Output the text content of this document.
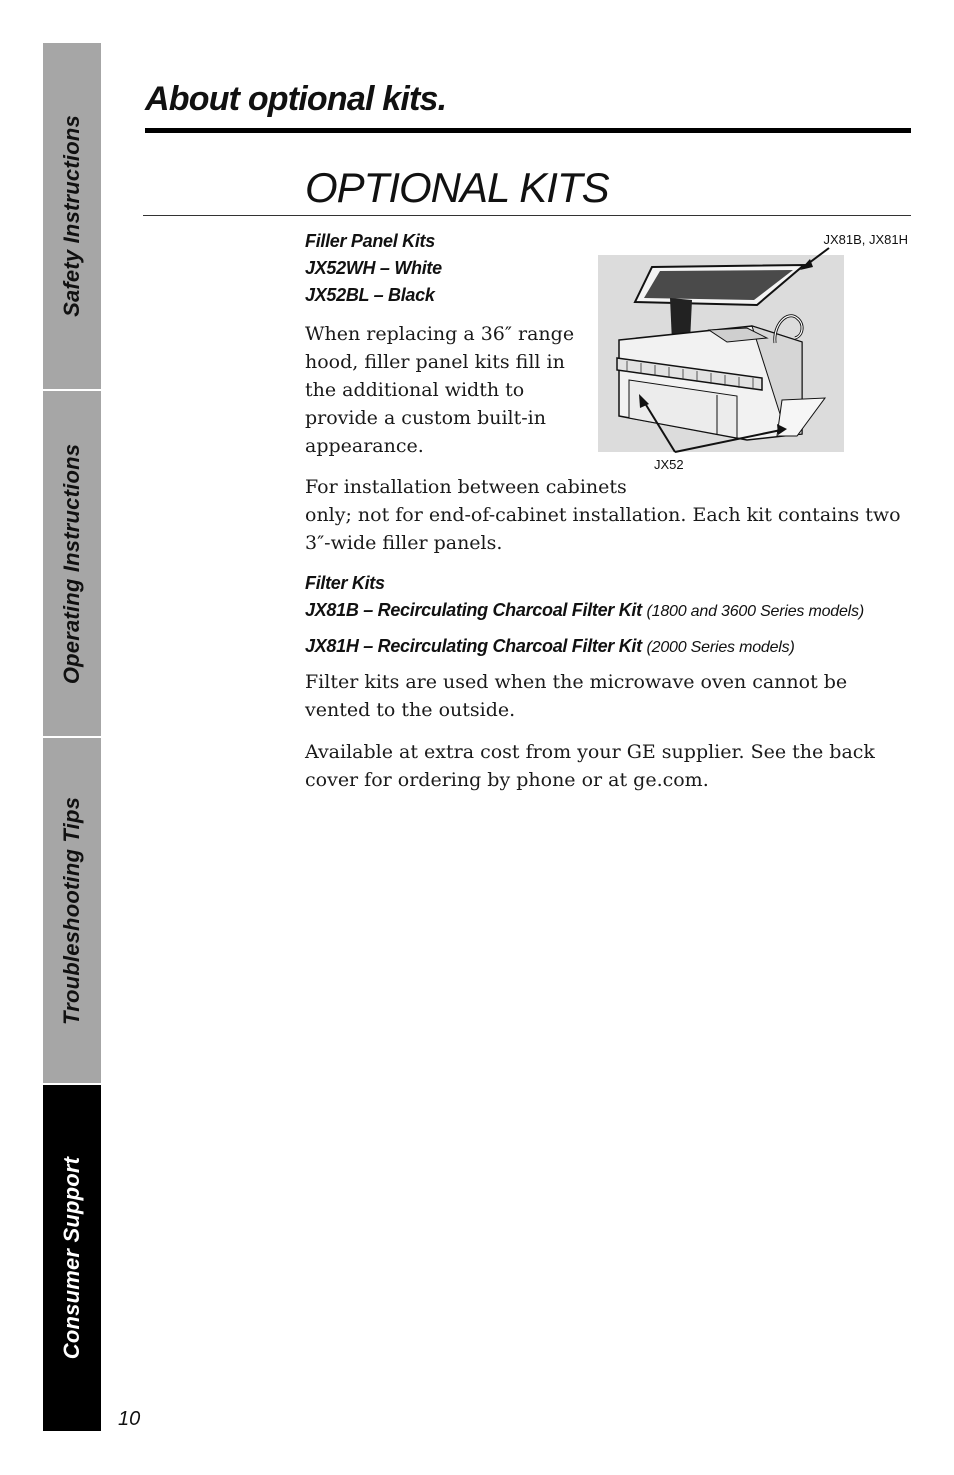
Safety Instructions
Operating Instructions
Troubleshooting Tips
Consumer Support
About optional kits.
OPTIONAL KITS
JX81B, JX81H
JX52
Filler Panel Kits
JX52WH – White
JX52BL – Black

When replacing a 36″ range hood, filler panel kits fill in the additional width to provide a custom built-in appearance.

For installation between cabinets

only; not for end-of-cabinet installation. Each kit contains two 3″-wide filler panels.

Filter Kits
JX81B – Recirculating Charcoal Filter Kit (1800 and 3600 Series models)
JX81H – Recirculating Charcoal Filter Kit (2000 Series models)

Filter kits are used when the microwave oven cannot be vented to the outside.

Available at extra cost from your GE supplier. See the back cover for ordering by phone or at ge.com.

10
